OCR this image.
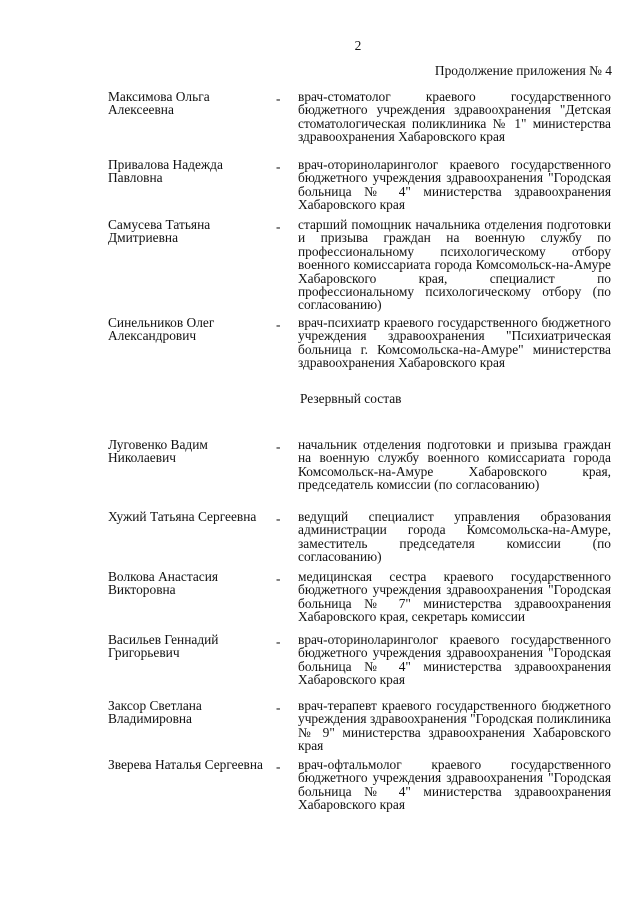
2
Продолжение приложения № 4
Максимова Ольга Алексеевна
- врач-стоматолог краевого государственного бюджетного учреждения здравоохранения "Детская стоматологическая поликлиника № 1" министерства здравоохранения Хабаровского края
Привалова Надежда Павловна
- врач-оториноларинголог краевого государственного бюджетного учреждения здравоохранения "Городская больница № 4" министерства здравоохранения Хабаровского края
Самусева Татьяна Дмитриевна
- старший помощник начальника отделения подготовки и призыва граждан на военную службу по профессиональному психологическому отбору военного комиссариата города Комсомольск-на-Амуре Хабаровского края, специалист по профессиональному психологическому отбору (по согласованию)
Синельников Олег Александрович
- врач-психиатр краевого государственного бюджетного учреждения здравоохранения "Психиатрическая больница г. Комсомольска-на-Амуре" министерства здравоохранения Хабаровского края
Резервный состав
Луговенко Вадим Николаевич
- начальник отделения подготовки и призыва граждан на военную службу военного комиссариата города Комсомольск-на-Амуре Хабаровского края, председатель комиссии (по согласованию)
Хужий Татьяна Сергеевна	- ведущий специалист управления образования администрации города Комсомольска-на-Амуре, заместитель председателя комиссии (по согласованию)
Волкова Анастасия Викторовна
- медицинская сестра краевого государственного бюджетного учреждения здравоохранения "Городская больница № 7" министерства здравоохранения Хабаровского края, секретарь комиссии
Васильев Геннадий Григорьевич
- врач-оториноларинголог краевого государственного бюджетного учреждения здравоохранения "Городская больница № 4" министерства здравоохранения Хабаровского края
Заксор Светлана Владимировна
- врач-терапевт краевого государственного бюджетного учреждения здравоохранения "Городская поликлиника № 9" министерства здравоохранения Хабаровского края
Зверева Наталья Сергеевна - врач-офтальмолог краевого государственного бюджетного учреждения здравоохранения "Городская больница № 4" министерства здравоохранения Хабаровского края
